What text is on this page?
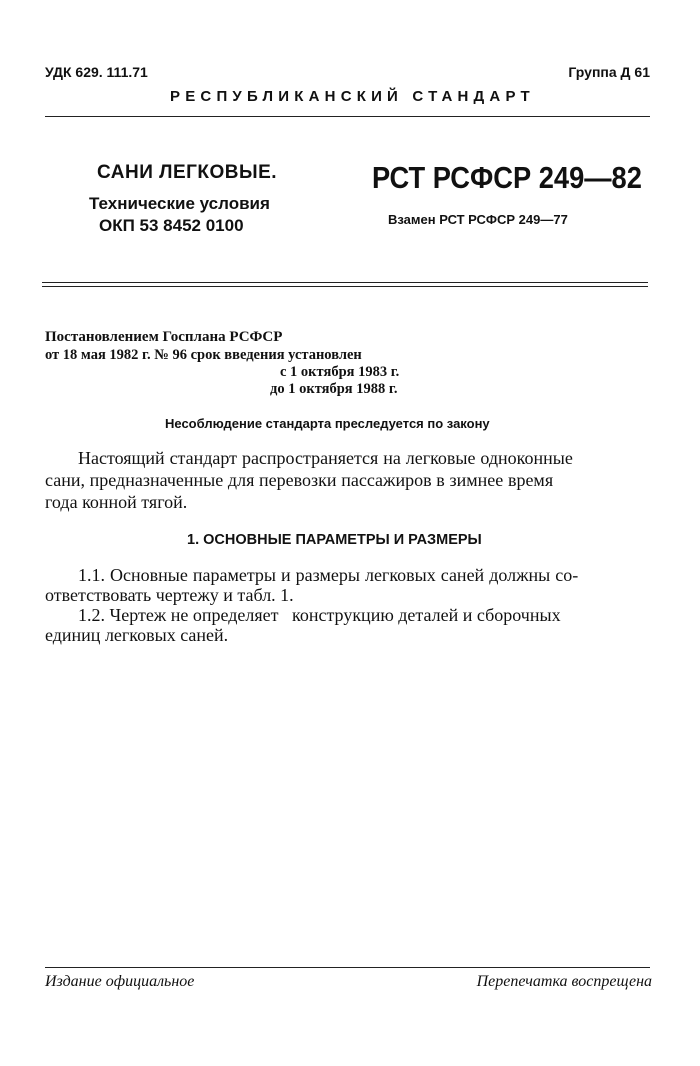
УДК 629. 111.71	Группа Д 61
РЕСПУБЛИКАНСКИЙ СТАНДАРТ
САНИ ЛЕГКОВЫЕ.
Технические условия
ОКП 53 8452 0100
РСТ РСФСР 249—82
Взамен РСТ РСФСР 249—77
Постановлением Госплана РСФСР
от 18 мая 1982 г. № 96 срок введения установлен
с 1 октября 1983 г.
до 1 октября 1988 г.
Несоблюдение стандарта преследуется по закону
Настоящий стандарт распространяется на легковые одноконные
сани, предназначенные для перевозки пассажиров в зимнее время
года конной тягой.
1. ОСНОВНЫЕ ПАРАМЕТРЫ И РАЗМЕРЫ
1.1. Основные параметры и размеры легковых саней должны со-
ответствовать чертежу и табл. 1.
1.2. Чертеж не определяет   конструкцию деталей и сборочных
единиц легковых саней.
Издание официальное	Перепечатка воспрещена
